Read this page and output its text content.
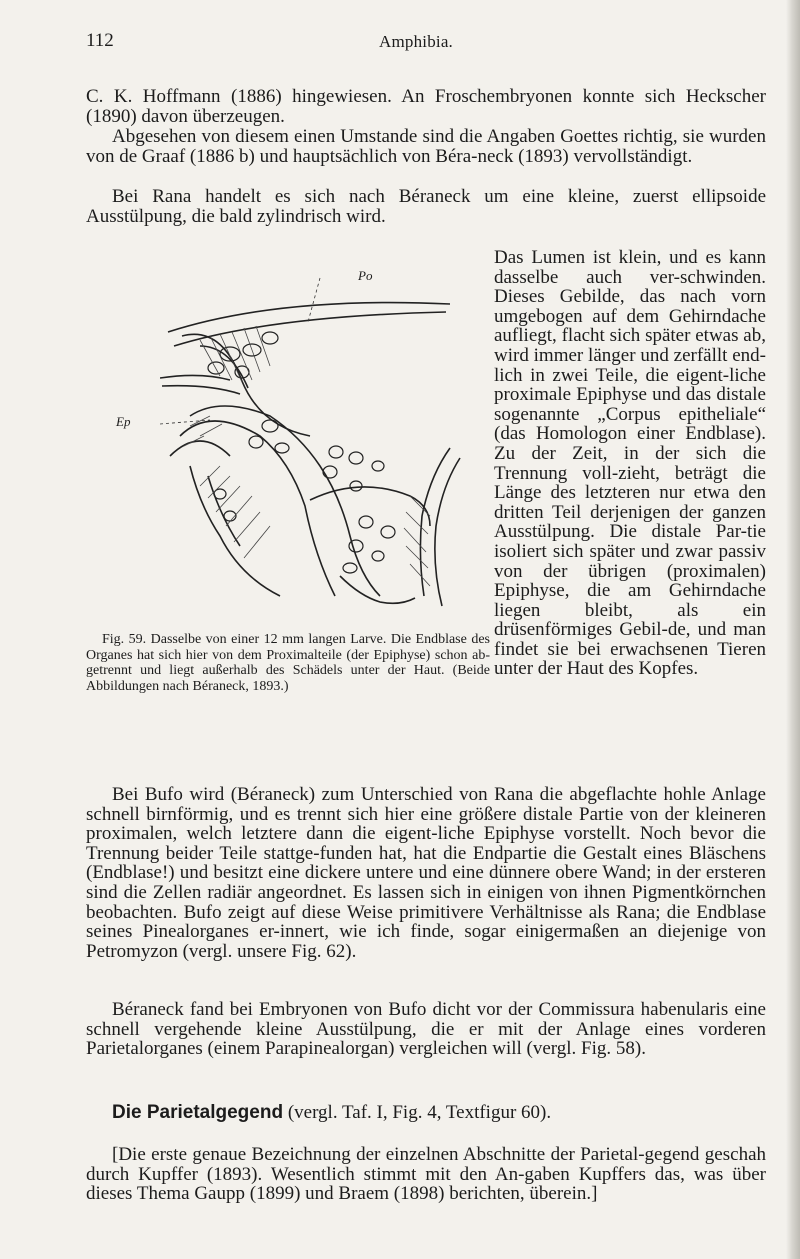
112	Amphibia.

C. K. Hoffmann (1886) hingewiesen. An Froschembryonen konnte sich Heckscher (1890) davon überzeugen.

Abgesehen von diesem einen Umstande sind die Angaben Goettes richtig, sie wurden von de Graaf (1886 b) und hauptsächlich von Béra-neck (1893) vervollständigt.

Bei Rana handelt es sich nach Béraneck um eine kleine, zuerst ellipsoide Ausstülpung, die bald zylindrisch wird.

Po
Ep

Das Lumen ist klein, und es kann dasselbe auch ver-schwinden. Dieses Gebilde, das nach vorn umgebogen auf dem Gehirndache aufliegt, flacht sich später etwas ab, wird immer länger und zerfällt end-lich in zwei Teile, die eigent-liche proximale Epiphyse und das distale sogenannte „Corpus epitheliale“ (das Homologon einer Endblase). Zu der Zeit, in der sich die Trennung voll-zieht, beträgt die Länge des letzteren nur etwa den dritten Teil derjenigen der ganzen Ausstülpung. Die distale Par-tie isoliert sich später und zwar passiv von der übrigen (proximalen) Epiphyse, die am Gehirndache liegen bleibt, als ein drüsenförmiges Gebil-de, und man findet sie bei erwachsenen Tieren unter der Haut des Kopfes.

Fig. 59. Dasselbe von einer 12 mm langen Larve. Die Endblase des Organes hat sich hier von dem Proximalteile (der Epiphyse) schon ab-getrennt und liegt außerhalb des Schädels unter der Haut. (Beide Abbildungen nach Béraneck, 1893.)

Bei Bufo wird (Béraneck) zum Unterschied von Rana die abgeflachte hohle Anlage schnell birnförmig, und es trennt sich hier eine größere distale Partie von der kleineren proximalen, welch letztere dann die eigent-liche Epiphyse vorstellt. Noch bevor die Trennung beider Teile stattge-funden hat, hat die Endpartie die Gestalt eines Bläschens (Endblase!) und besitzt eine dickere untere und eine dünnere obere Wand; in der ersteren sind die Zellen radiär angeordnet. Es lassen sich in einigen von ihnen Pigmentkörnchen beobachten. Bufo zeigt auf diese Weise primitivere Verhältnisse als Rana; die Endblase seines Pinealorganes er-innert, wie ich finde, sogar einigermaßen an diejenige von Petromyzon (vergl. unsere Fig. 62).

Béraneck fand bei Embryonen von Bufo dicht vor der Commissura habenularis eine schnell vergehende kleine Ausstülpung, die er mit der Anlage eines vorderen Parietalorganes (einem Parapinealorgan) vergleichen will (vergl. Fig. 58).

Die Parietalgegend (vergl. Taf. I, Fig. 4, Textfigur 60).

[Die erste genaue Bezeichnung der einzelnen Abschnitte der Parietal-gegend geschah durch Kupffer (1893). Wesentlich stimmt mit den An-gaben Kupffers das, was über dieses Thema Gaupp (1899) und Braem (1898) berichten, überein.]
